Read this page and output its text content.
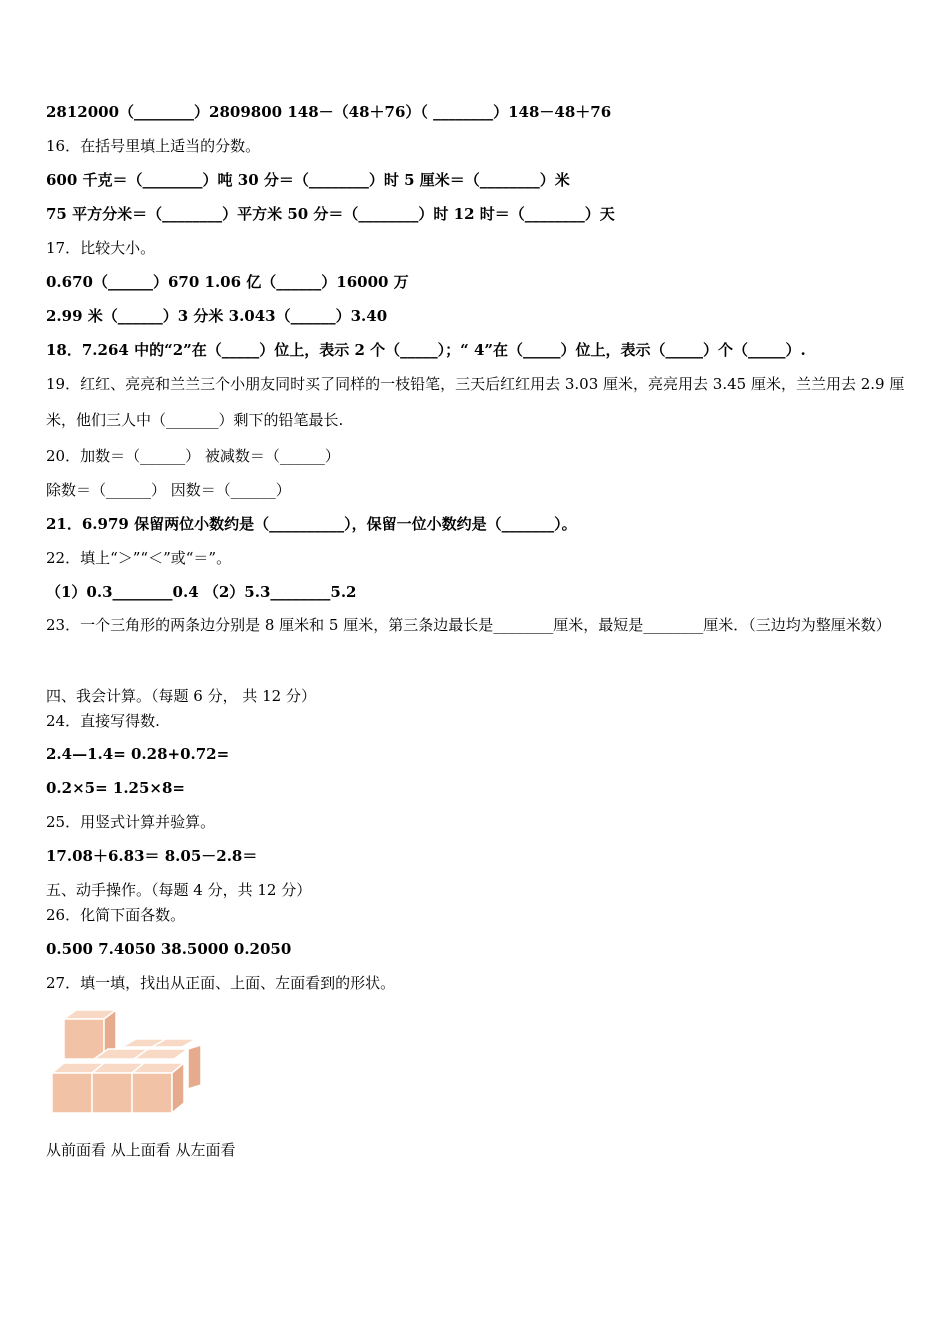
2812000（________）2809800 148－（48＋76）（ ________）148－48＋76
16．在括号里填上适当的分数。
600 千克＝（________）吨 30 分＝（________）时 5 厘米＝（________）米
75 平方分米＝（________）平方米 50 分＝（________）时 12 时＝（________）天
17．比较大小。
0.670（______）670 1.06 亿（______）16000 万
2.99 米（______）3 分米 3.043（______）3.40
18．7.264 中的“2”在（_____）位上，表示 2 个（_____）；“ 4”在（_____）位上，表示（_____）个（_____）.
19．红红、亮亮和兰兰三个小朋友同时买了同样的一枝铅笔，三天后红红用去 3.03 厘米，亮亮用去 3.45 厘米，兰兰用去 2.9 厘米，他们三人中（_______）剩下的铅笔最长.
20．加数＝（______） 被减数＝（______）
除数＝（______） 因数＝（______）
21．6.979 保留两位小数约是（__________），保留一位小数约是（_______）。
22．填上“＞”“＜”或“＝”。
（1）0.3________0.4 （2）5.3________5.2
23．一个三角形的两条边分别是 8 厘米和 5 厘米，第三条边最长是________厘米，最短是________厘米．（三边均为整厘米数）
四、我会计算。（每题 6 分， 共 12 分）
24．直接写得数.
2.4—1.4= 0.28+0.72=
0.2×5= 1.25×8=
25．用竖式计算并验算。
17.08＋6.83＝ 8.05－2.8＝
五、动手操作。（每题 4 分，共 12 分）
26．化简下面各数。
0.500 7.4050 38.5000 0.2050
27．填一填，找出从正面、上面、左面看到的形状。
从前面看 从上面看 从左面看
